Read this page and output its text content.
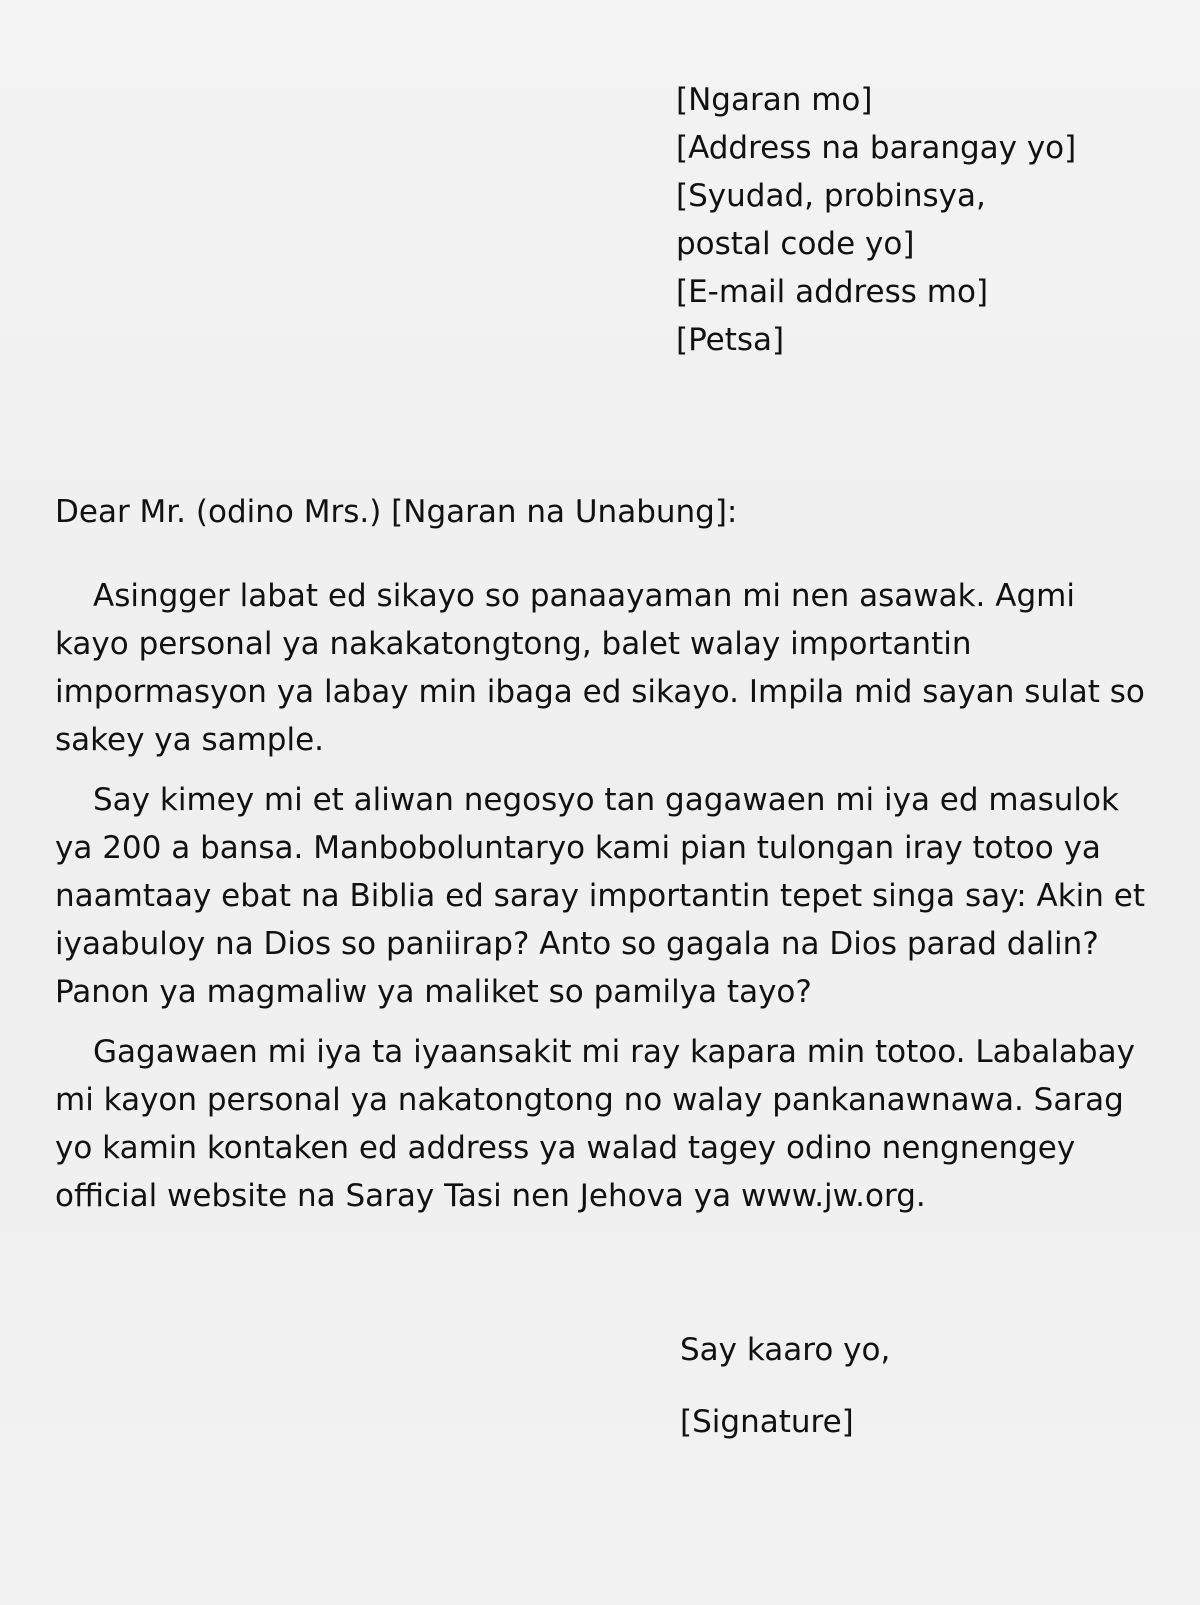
[Ngaran mo]
[Address na barangay yo]
[Syudad, probinsya,
postal code yo]
[E-mail address mo]
[Petsa]
Dear Mr. (odino Mrs.) [Ngaran na Unabung]:

Asingger labat ed sikayo so panaayaman mi nen asawak. Agmi kayo personal ya nakakatongtong, balet walay importantin impormasyon ya labay min ibaga ed sikayo. Impila mid sayan sulat so sakey ya sample.

Say kimey mi et aliwan negosyo tan gagawaen mi iya ed masulok ya 200 a bansa. Manboboluntaryo kami pian tulongan iray totoo ya naamtaay ebat na Biblia ed saray importantin tepet singa say: Akin et iyaabuloy na Dios so paniirap? Anto so gagala na Dios parad dalin? Panon ya magmaliw ya maliket so pamilya tayo?

Gagawaen mi iya ta iyaansakit mi ray kapara min totoo. Labalabay mi kayon personal ya nakatongtong no walay pankanawnawa. Sarag yo kamin kontaken ed address ya walad tagey odino nengnengey official website na Saray Tasi nen Jehova ya www.jw.org.

Say kaaro yo,
[Signature]
